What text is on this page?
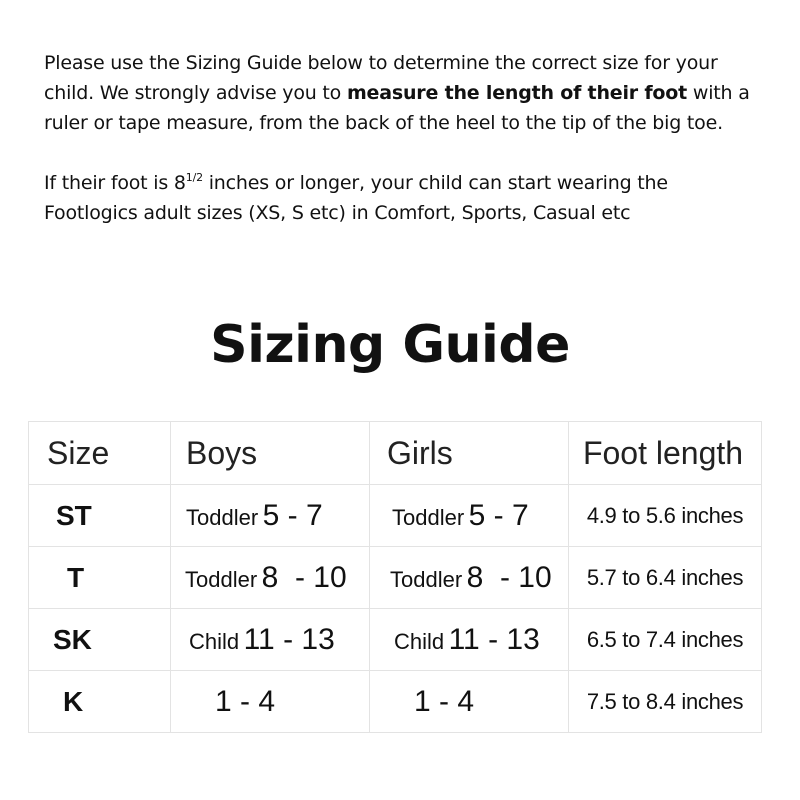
Please use the Sizing Guide below to determine the correct size for your child. We strongly advise you to measure the length of their foot with a ruler or tape measure, from the back of the heel to the tip of the big toe.

If their foot is $8^{1/2}$ inches or longer, your child can start wearing the Footlogics adult sizes (XS, S etc) in Comfort, Sports, Casual etc

Sizing Guide
Size	Boys	Girls	Foot length
ST	Toddler 5 - 7	Toddler 5 - 7	4.9 to 5.6 inches
T	Toddler 8  - 10	Toddler 8  - 10	5.7 to 6.4 inches
SK	Child 11 - 13	Child 11 - 13	6.5 to 7.4 inches
K	1 - 4	1 - 4	7.5 to 8.4 inches
